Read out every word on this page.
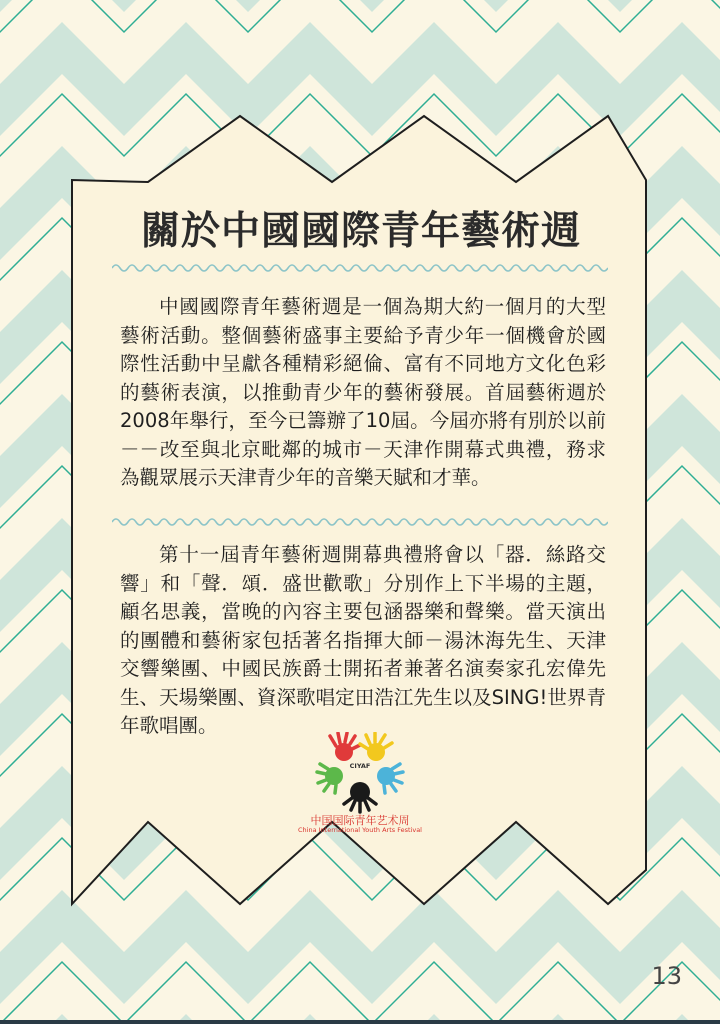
關於中國國際青年藝術週

中國國際青年藝術週是一個為期大約一個月的大型藝術活動。整個藝術盛事主要給予青少年一個機會於國際性活動中呈獻各種精彩絕倫、富有不同地方文化色彩的藝術表演，以推動青少年的藝術發展。首屆藝術週於2008年舉行，至今已籌辦了10屆。今屆亦將有別於以前－－改至與北京毗鄰的城市－天津作開幕式典禮，務求為觀眾展示天津青少年的音樂天賦和才華。

第十一屆青年藝術週開幕典禮將會以「器．絲路交響」和「聲．頌．盛世歡歌」分別作上下半場的主題，顧名思義，當晚的內容主要包涵器樂和聲樂。當天演出的團體和藝術家包括著名指揮大師－湯沐海先生、天津交響樂團、中國民族爵士開拓者兼著名演奏家孔宏偉先生、天場樂團、資深歌唱定田浩江先生以及SING!世界青年歌唱團。

CIYAF

中国国际青年艺术周

China International Youth Arts Festival

13
